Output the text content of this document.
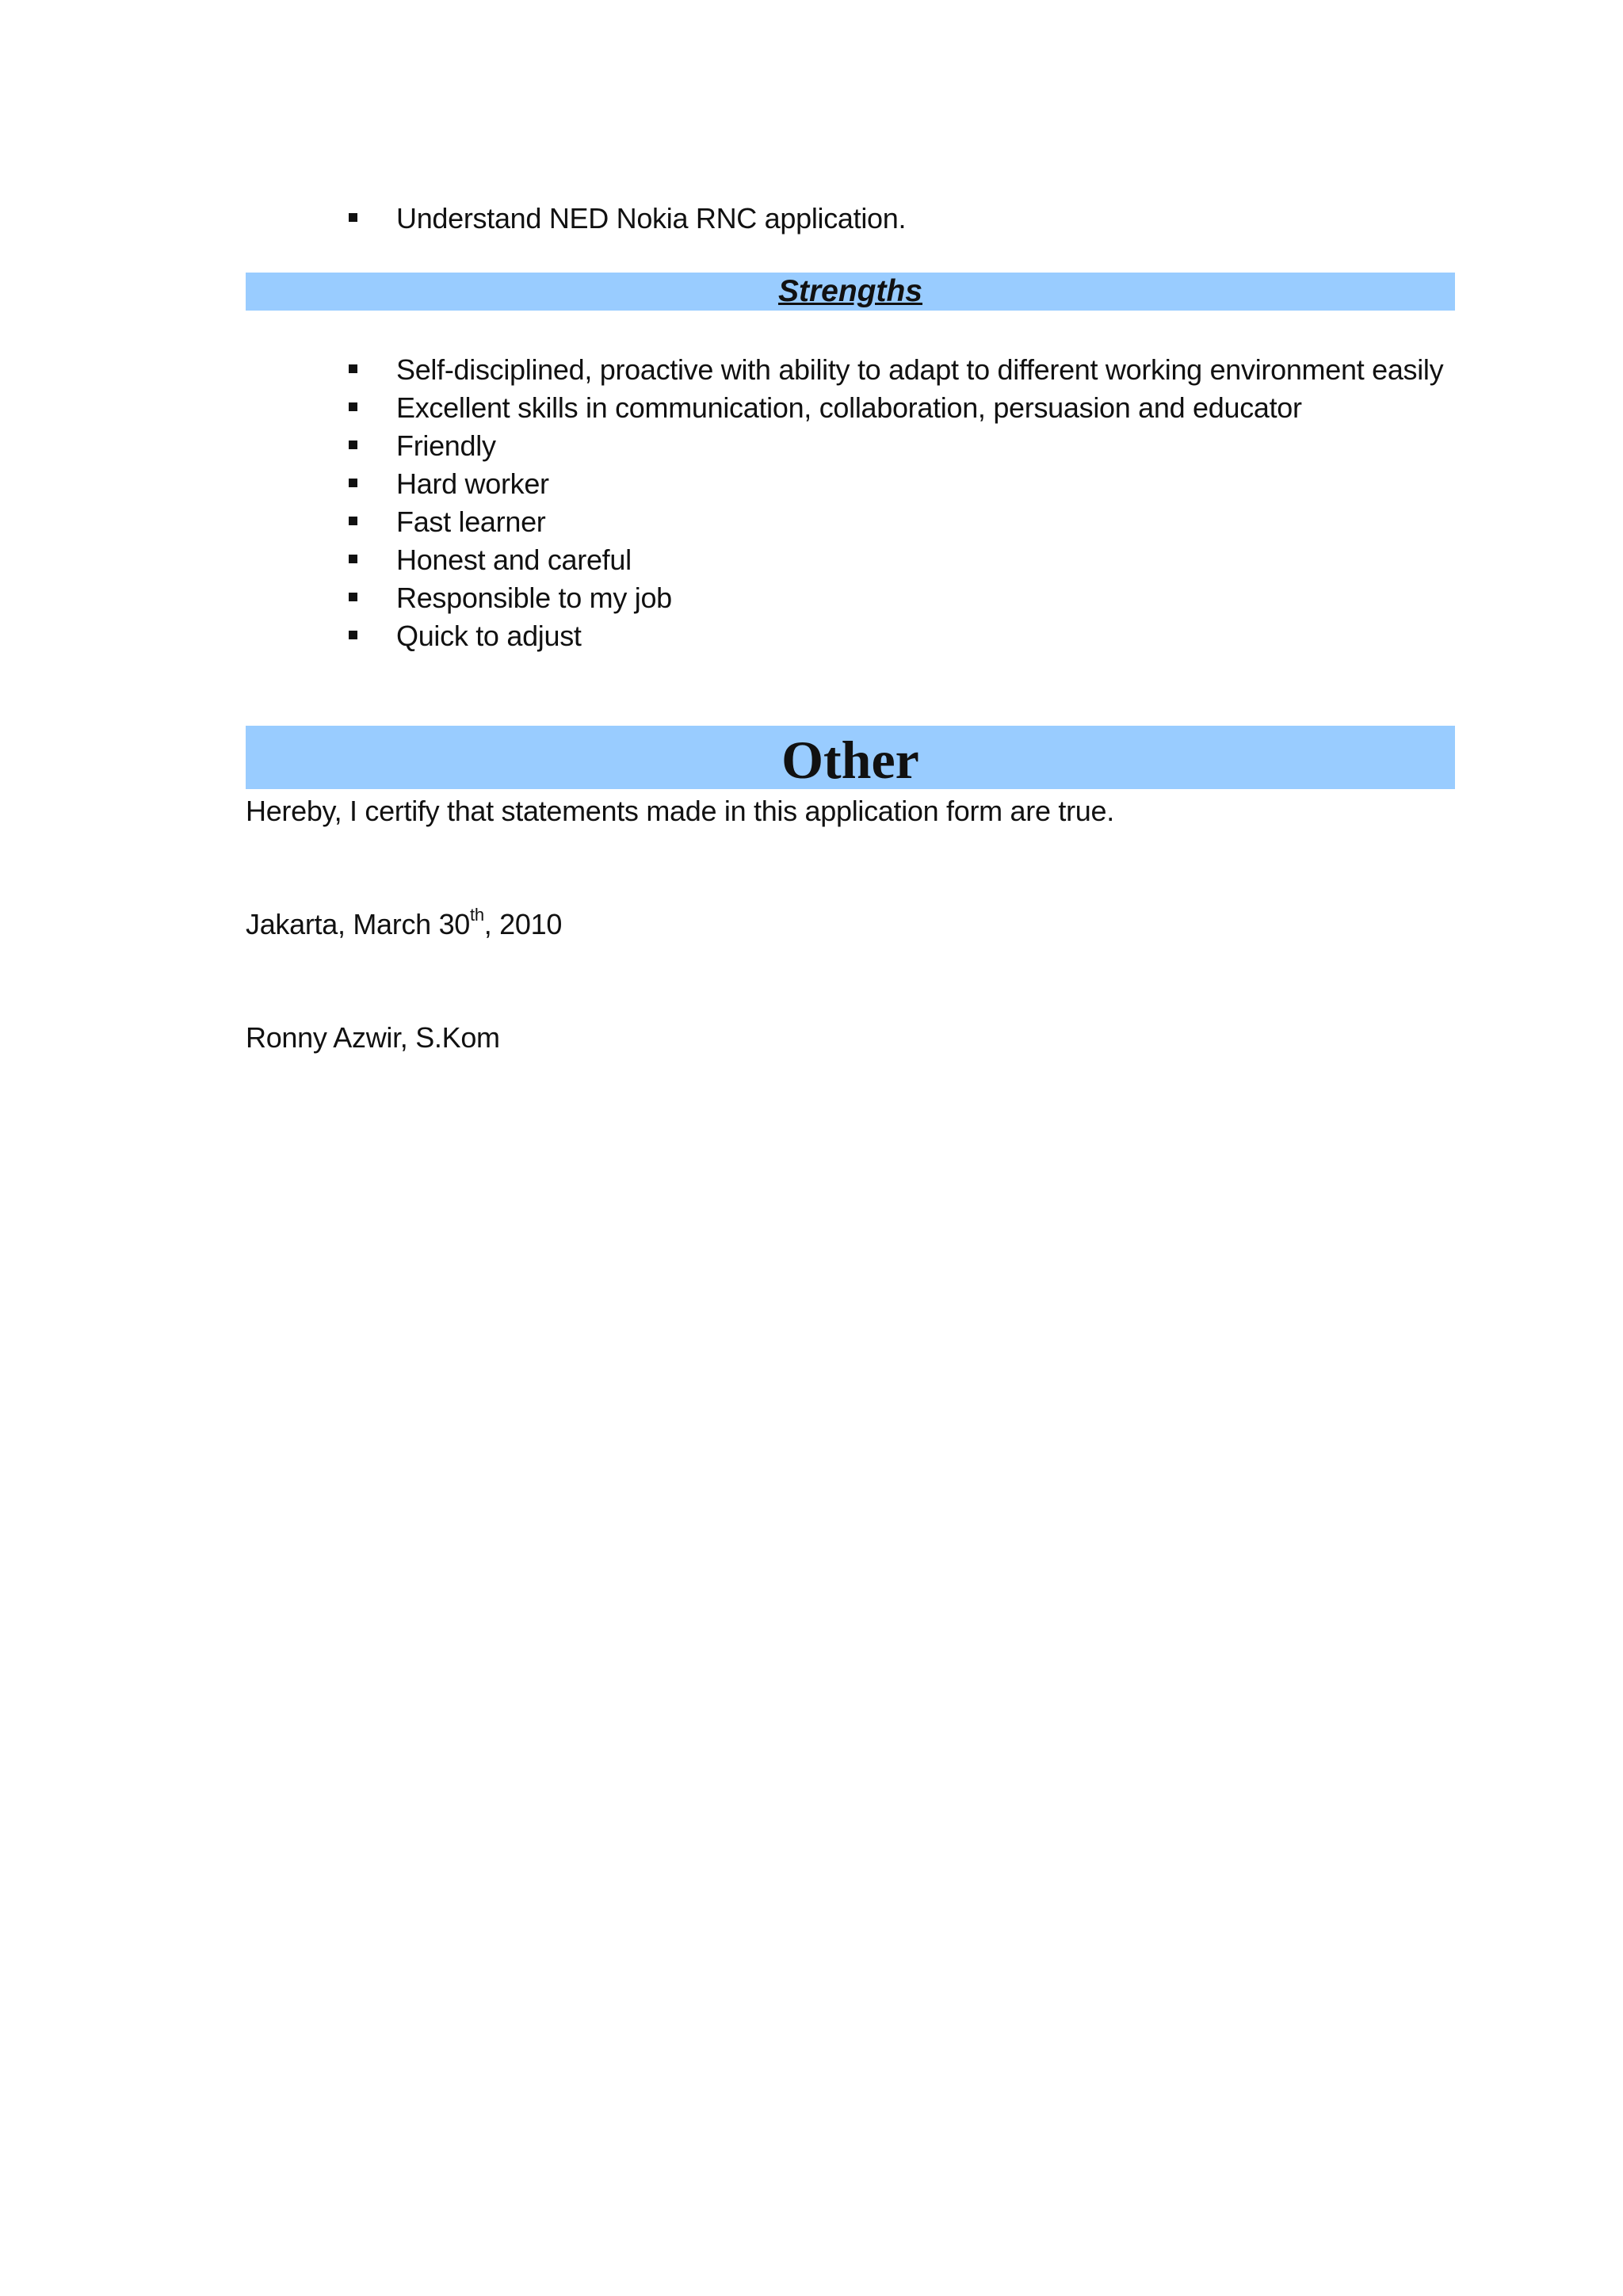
Understand NED Nokia RNC application.
Strengths
Self-disciplined, proactive with ability to adapt to different working environment easily
Excellent skills in communication, collaboration, persuasion and educator
Friendly
Hard worker
Fast learner
Honest and careful
Responsible to my job
Quick to adjust
Other
Hereby, I certify that statements made in this application form are true.
Jakarta, March 30th, 2010
Ronny Azwir, S.Kom
